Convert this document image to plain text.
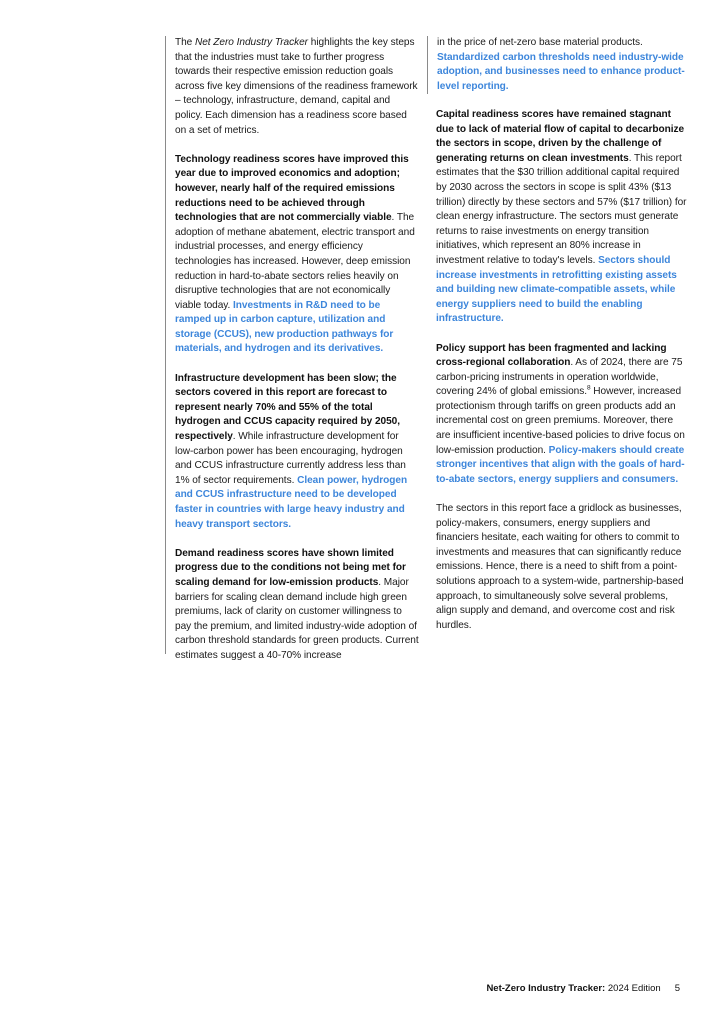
The Net Zero Industry Tracker highlights the key steps that the industries must take to further progress towards their respective emission reduction goals across five key dimensions of the readiness framework – technology, infrastructure, demand, capital and policy. Each dimension has a readiness score based on a set of metrics.

Technology readiness scores have improved this year due to improved economics and adoption; however, nearly half of the required emissions reductions need to be achieved through technologies that are not commercially viable. The adoption of methane abatement, electric transport and industrial processes, and energy efficiency technologies has increased. However, deep emission reduction in hard-to-abate sectors relies heavily on disruptive technologies that are not economically viable today. Investments in R&D need to be ramped up in carbon capture, utilization and storage (CCUS), new production pathways for materials, and hydrogen and its derivatives.

Infrastructure development has been slow; the sectors covered in this report are forecast to represent nearly 70% and 55% of the total hydrogen and CCUS capacity required by 2050, respectively. While infrastructure development for low-carbon power has been encouraging, hydrogen and CCUS infrastructure currently address less than 1% of sector requirements. Clean power, hydrogen and CCUS infrastructure need to be developed faster in countries with large heavy industry and heavy transport sectors.

Demand readiness scores have shown limited progress due to the conditions not being met for scaling demand for low-emission products. Major barriers for scaling clean demand include high green premiums, lack of clarity on customer willingness to pay the premium, and limited industry-wide adoption of carbon threshold standards for green products. Current estimates suggest a 40-70% increase

in the price of net-zero base material products. Standardized carbon thresholds need industry-wide adoption, and businesses need to enhance product-level reporting.

Capital readiness scores have remained stagnant due to lack of material flow of capital to decarbonize the sectors in scope, driven by the challenge of generating returns on clean investments. This report estimates that the $30 trillion additional capital required by 2030 across the sectors in scope is split 43% ($13 trillion) directly by these sectors and 57% ($17 trillion) for clean energy infrastructure. The sectors must generate returns to raise investments on energy transition initiatives, which represent an 80% increase in investment relative to today's levels. Sectors should increase investments in retrofitting existing assets and building new climate-compatible assets, while energy suppliers need to build the enabling infrastructure.

Policy support has been fragmented and lacking cross-regional collaboration. As of 2024, there are 75 carbon-pricing instruments in operation worldwide, covering 24% of global emissions.$^8$ However, increased protectionism through tariffs on green products add an incremental cost on green premiums. Moreover, there are insufficient incentive-based policies to drive focus on low-emission production. Policy-makers should create stronger incentives that align with the goals of hard-to-abate sectors, energy suppliers and consumers.

The sectors in this report face a gridlock as businesses, policy-makers, consumers, energy suppliers and financiers hesitate, each waiting for others to commit to investments and measures that can significantly reduce emissions. Hence, there is a need to shift from a point-solutions approach to a system-wide, partnership-based approach, to simultaneously solve several problems, align supply and demand, and overcome cost and risk hurdles.

Net-Zero Industry Tracker: 2024 Edition 5
